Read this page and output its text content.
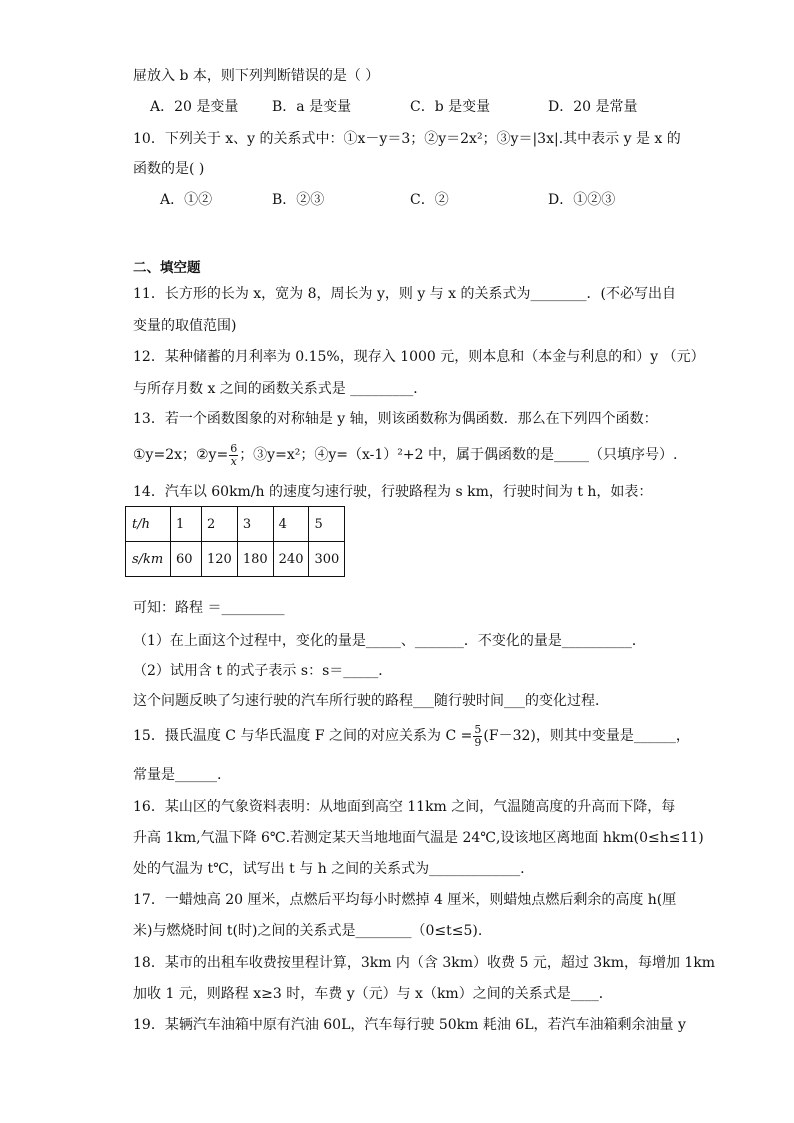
屉放入 b 本，则下列判断错误的是（ ）
A．20 是变量 B．a 是变量	C．b 是变量	D．20 是常量
10．下列关于 x、y 的关系式中：①x－y＝3；②y＝2x²；③y＝|3x|.其中表示 y 是 x 的
函数的是( )
A．①②	B．②③	C．②	D．①②③
二、填空题
11．长方形的长为 x，宽为 8，周长为 y，则 y 与 x 的关系式为________．(不必写出自
变量的取值范围)
12．某种储蓄的月利率为 0.15%，现存入 1000 元，则本息和（本金与利息的和）y （元）
与所存月数 x 之间的函数关系式是 _________．
13．若一个函数图象的对称轴是 y 轴，则该函数称为偶函数．那么在下列四个函数：
①y=2x；②y= $\frac{6}{x}$ ；③y=x²；④y=（x-1）²+2 中，属于偶函数的是_____（只填序号）.
14．汽车以 60km/h 的速度匀速行驶，行驶路程为 s km，行驶时间为 t h，如表：
t/h	1	2	3	4	5
s/km	60	120	180	240	300
可知：路程 ＝_________
（1）在上面这个过程中，变化的量是_____、_______．不变化的量是__________．
（2）试用含 t 的式子表示 s：s＝_____．
这个问题反映了匀速行驶的汽车所行驶的路程___随行驶时间___的变化过程．
15．摄氏温度 C 与华氏温度 F 之间的对应关系为 $C = \frac{5}{9} (F-32)$，则其中变量是______，
常量是______.
16．某山区的气象资料表明：从地面到高空 11km 之间，气温随高度的升高而下降，每
升高 1km,气温下降 6℃.若测定某天当地地面气温是 24℃,设该地区离地面 hkm(0≤h≤11)
处的气温为 t℃，试写出 t 与 h 之间的关系式为_____________.
17．一蜡烛高 20 厘米，点燃后平均每小时燃掉 4 厘米，则蜡烛点燃后剩余的高度 h(厘
米)与燃烧时间 t(时)之间的关系式是________（0≤t≤5).
18．某市的出租车收费按里程计算，3km 内（含 3km）收费 5 元，超过 3km，每增加 1km
加收 1 元，则路程 x≥3 时，车费 y（元）与 x（km）之间的关系式是____．
19．某辆汽车油箱中原有汽油 60L，汽车每行驶 50km 耗油 6L，若汽车油箱剩余油量 y
